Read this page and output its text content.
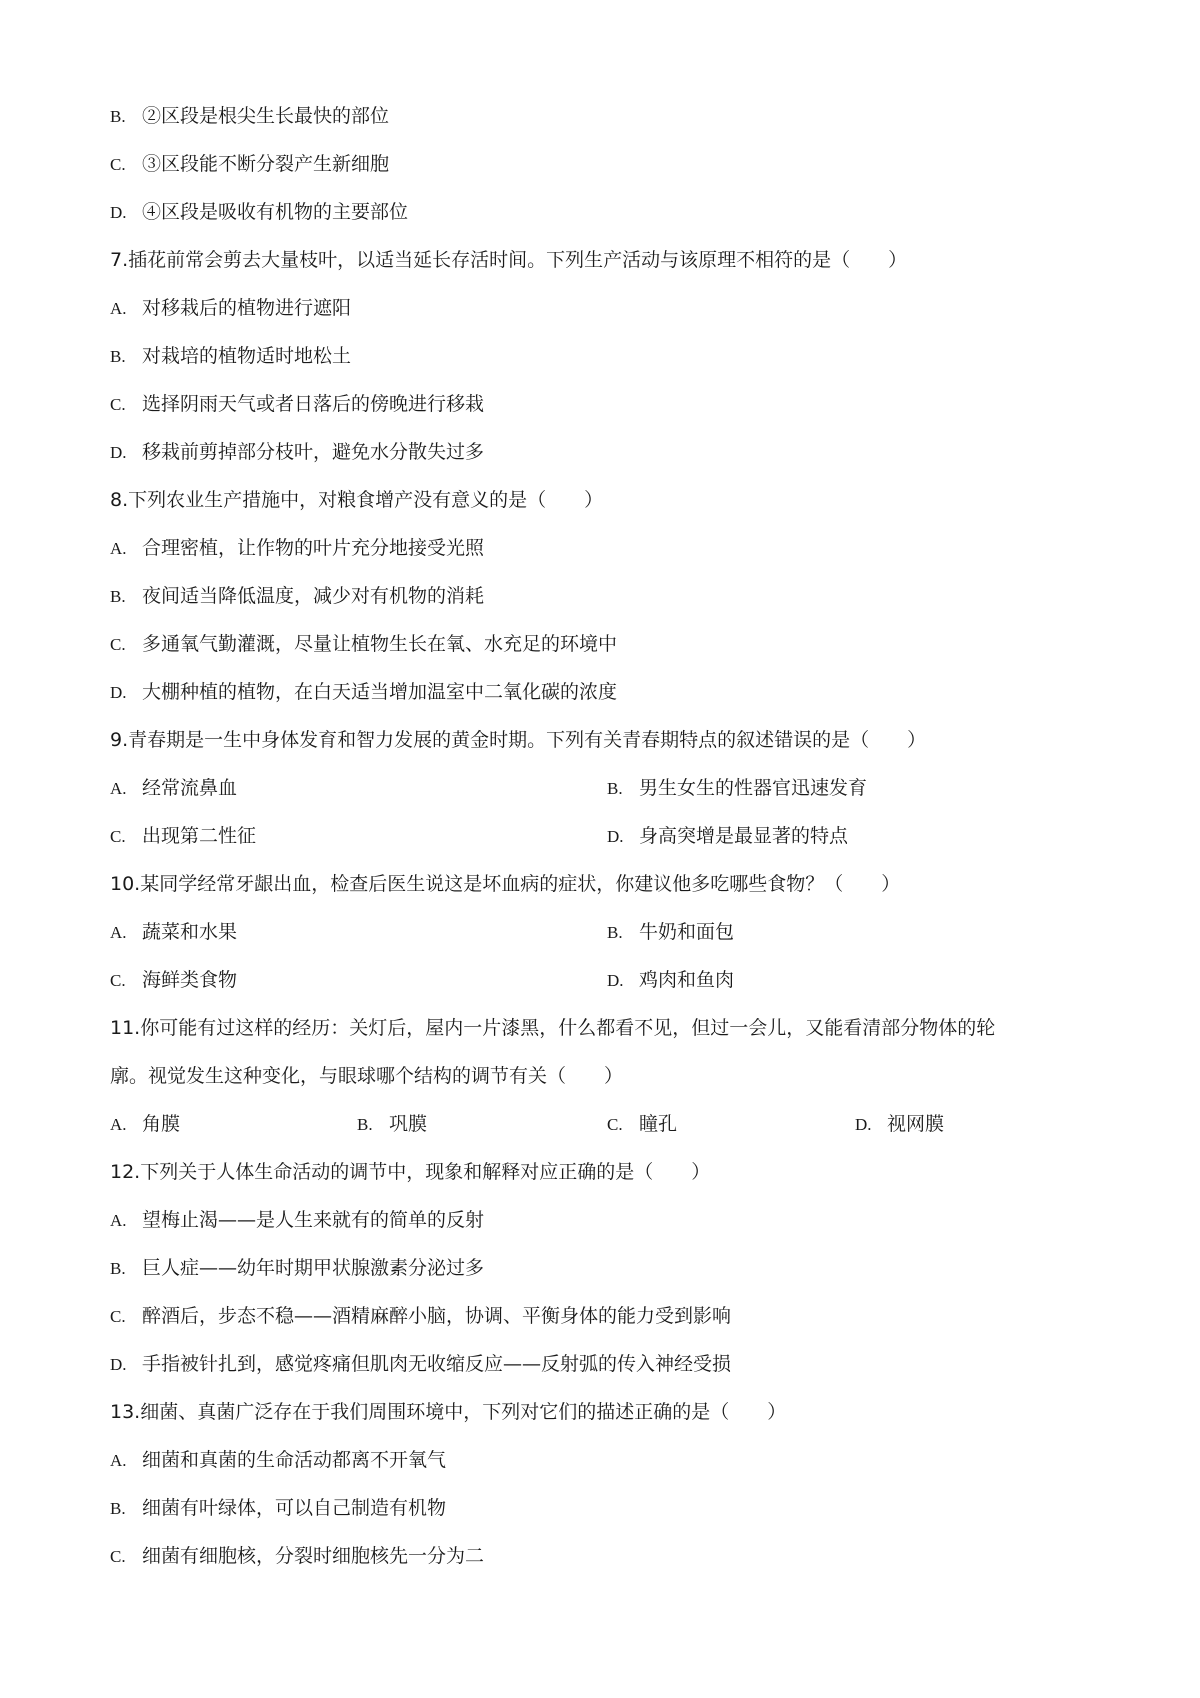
B. ②区段是根尖生长最快的部位
C. ③区段能不断分裂产生新细胞
D. ④区段是吸收有机物的主要部位
7.插花前常会剪去大量枝叶，以适当延长存活时间。下列生产活动与该原理不相符的是（　　）
A. 对移栽后的植物进行遮阳
B. 对栽培的植物适时地松土
C. 选择阴雨天气或者日落后的傍晚进行移栽
D. 移栽前剪掉部分枝叶，避免水分散失过多
8.下列农业生产措施中，对粮食增产没有意义的是（　　）
A. 合理密植，让作物的叶片充分地接受光照
B. 夜间适当降低温度，减少对有机物的消耗
C. 多通氧气勤灌溉，尽量让植物生长在氧、水充足的环境中
D. 大棚种植的植物，在白天适当增加温室中二氧化碳的浓度
9.青春期是一生中身体发育和智力发展的黄金时期。下列有关青春期特点的叙述错误的是（　　）
A. 经常流鼻血	B. 男生女生的性器官迅速发育
C. 出现第二性征	D. 身高突增是最显著的特点
10.某同学经常牙龈出血，检查后医生说这是坏血病的症状，你建议他多吃哪些食物？（　　）
A. 蔬菜和水果	B. 牛奶和面包
C. 海鲜类食物	D. 鸡肉和鱼肉
11.你可能有过这样的经历：关灯后，屋内一片漆黑，什么都看不见，但过一会儿，又能看清部分物体的轮
廓。视觉发生这种变化，与眼球哪个结构的调节有关（　　）
A. 角膜	B. 巩膜	C. 瞳孔	D. 视网膜
12.下列关于人体生命活动的调节中，现象和解释对应正确的是（　　）
A. 望梅止渴——是人生来就有的简单的反射
B. 巨人症——幼年时期甲状腺激素分泌过多
C. 醉酒后，步态不稳——酒精麻醉小脑，协调、平衡身体的能力受到影响
D. 手指被针扎到，感觉疼痛但肌肉无收缩反应——反射弧的传入神经受损
13.细菌、真菌广泛存在于我们周围环境中，下列对它们的描述正确的是（　　）
A. 细菌和真菌的生命活动都离不开氧气
B. 细菌有叶绿体，可以自己制造有机物
C. 细菌有细胞核，分裂时细胞核先一分为二
